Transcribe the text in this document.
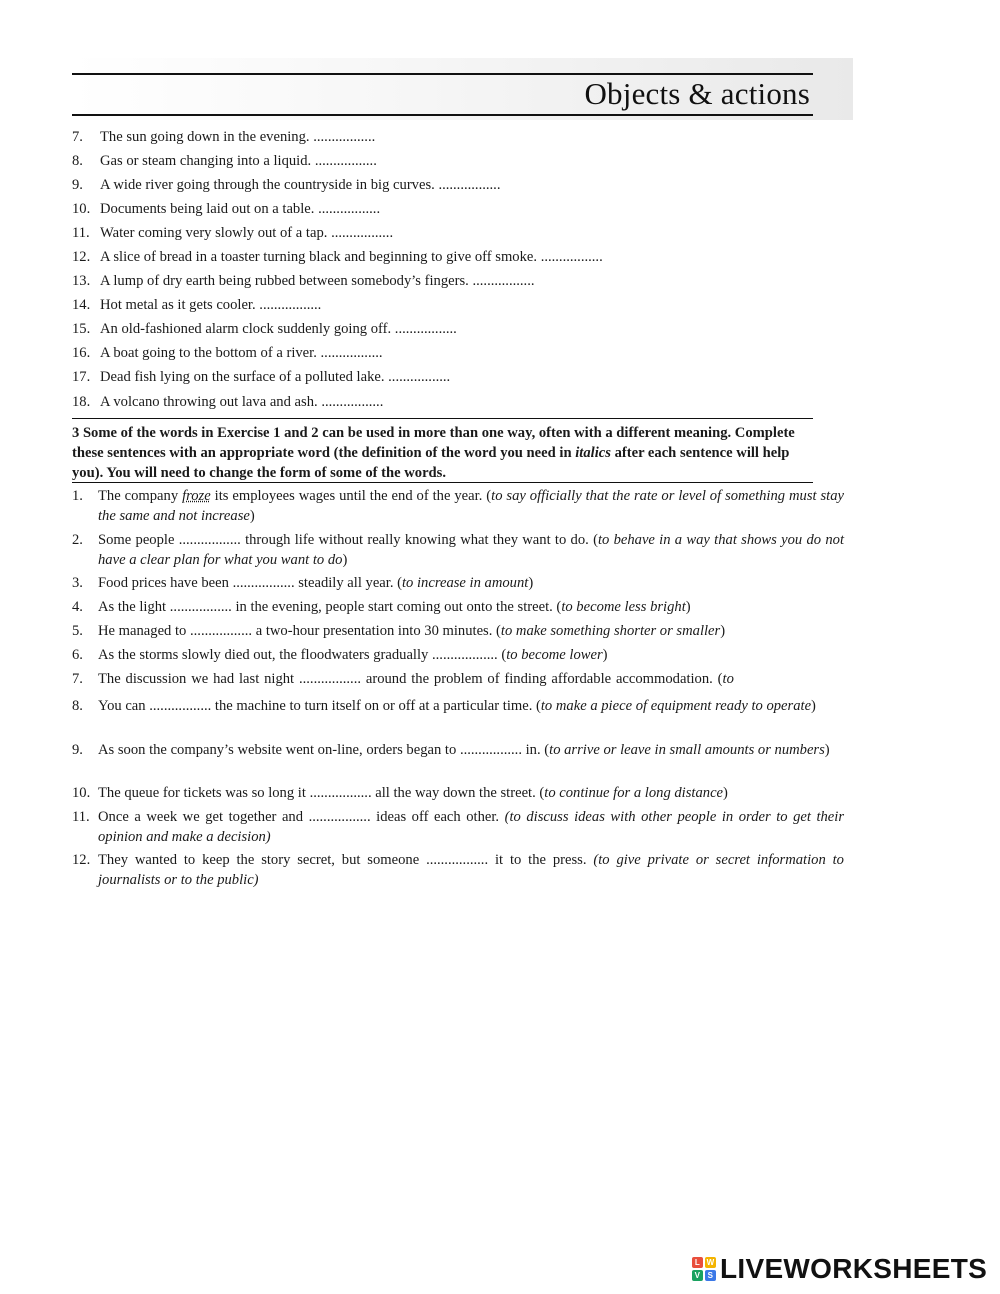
Objects & actions
7. The sun going down in the evening. .................
8. Gas or steam changing into a liquid. .................
9. A wide river going through the countryside in big curves. .................
10. Documents being laid out on a table. .................
11. Water coming very slowly out of a tap. .................
12. A slice of bread in a toaster turning black and beginning to give off smoke. .................
13. A lump of dry earth being rubbed between somebody’s fingers. .................
14. Hot metal as it gets cooler. .................
15. An old-fashioned alarm clock suddenly going off. .................
16. A boat going to the bottom of a river. .................
17. Dead fish lying on the surface of a polluted lake. .................
18. A volcano throwing out lava and ash. .................
3 Some of the words in Exercise 1 and 2 can be used in more than one way, often with a different meaning. Complete these sentences with an appropriate word (the definition of the word you need in italics after each sentence will help you). You will need to change the form of some of the words.
1.	The company froze its employees wages until the end of the year. (to say officially that the rate or level of something must stay the same and not increase)
2.	Some people ................. through life without really knowing what they want to do. (to behave in a way that shows you do not have a clear plan for what you want to do)
3.	Food prices have been ................. steadily all year. (to increase in amount)
4.	As the light ................. in the evening, people start coming out onto the street. (to become less bright)
5.	He managed to ................. a two-hour presentation into 30 minutes. (to make something shorter or smaller)
6.	As the storms slowly died out, the floodwaters gradually .................. (to become lower)
7.	The discussion we had last night ................. around the problem of finding affordable accommodation. (to
8.	You can ................. the machine to turn itself on or off at a particular time. (to make a piece of equipment ready to operate)
9.	As soon the company’s website went on-line, orders began to ................. in. (to arrive or leave in small amounts or numbers)
10. The queue for tickets was so long it ................. all the way down the street. (to continue for a long distance)
11. Once a week we get together and ................. ideas off each other. (to discuss ideas with other people in order to get their opinion and make a decision)
12. They wanted to keep the story secret, but someone ................. it to the press. (to give private or secret information to journalists or to the public)
L W
V S LIVEWORKSHEETS
